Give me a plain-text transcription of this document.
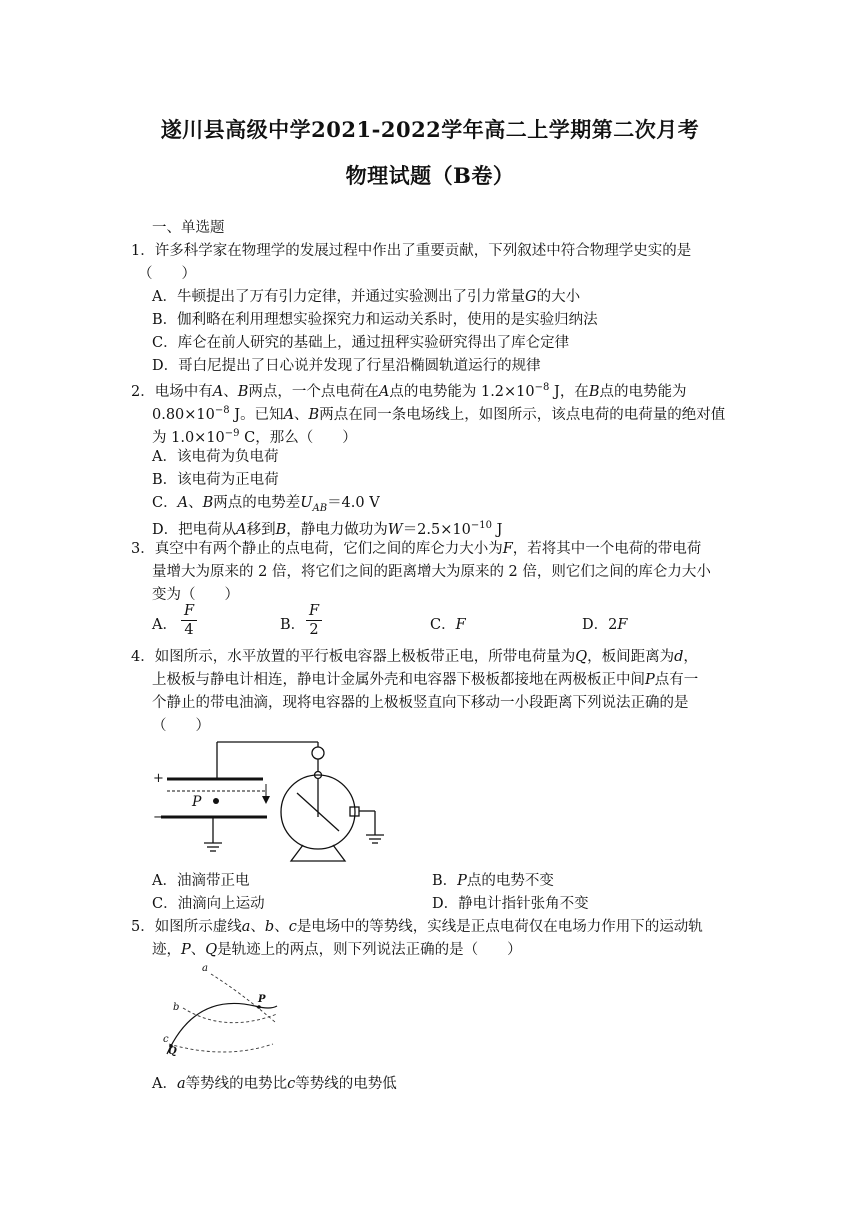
遂川县高级中学2021-2022学年高二上学期第二次月考
物理试题（B卷）
一、单选题
1．许多科学家在物理学的发展过程中作出了重要贡献，下列叙述中符合物理学史实的是
（　　）
A．牛顿提出了万有引力定律，并通过实验测出了引力常量G的大小
B．伽利略在利用理想实验探究力和运动关系时，使用的是实验归纳法
C．库仑在前人研究的基础上，通过扭秤实验研究得出了库仑定律
D．哥白尼提出了日心说并发现了行星沿椭圆轨道运行的规律
2．电场中有A、B两点，一个点电荷在A点的电势能为 $1.2\times 10^{-8}$ J，在B点的电势能为
$0.80\times 10^{-8}$ J。已知A、B两点在同一条电场线上，如图所示，该点电荷的电荷量的绝对值
为 $1.0\times 10^{-9}$ C，那么（　　）
A．该电荷为负电荷
B．该电荷为正电荷
C．A、B两点的电势差$U_{AB}=4.0$ V
D．把电荷从A移到B，静电力做功为$W=2.5\times 10^{-10}$ J
3．真空中有两个静止的点电荷，它们之间的库仑力大小为F，若将其中一个电荷的带电荷
量增大为原来的 2 倍，将它们之间的距离增大为原来的 2 倍，则它们之间的库仑力大小
变为（　　）
A．
F
4	B．
F
2	C．F	D．2F
4．如图所示，水平放置的平行板电容器上极板带正电，所带电荷量为Q，板间距离为d，
上极板与静电计相连，静电计金属外壳和电容器下极板都接地在两极板正中间P点有一
个静止的带电油滴，现将电容器的上极板竖直向下移动一小段距离下列说法正确的是
（　　）
+
−
P
A．油滴带正电	B．P点的电势不变
C．油滴向上运动	D．静电计指针张角不变
5．如图所示虚线a、b、c是电场中的等势线，实线是正点电荷仅在电场力作用下的运动轨
迹，P、Q是轨迹上的两点，则下列说法正确的是（　　）
a
b
c
P
Q
A．a等势线的电势比c等势线的电势低
